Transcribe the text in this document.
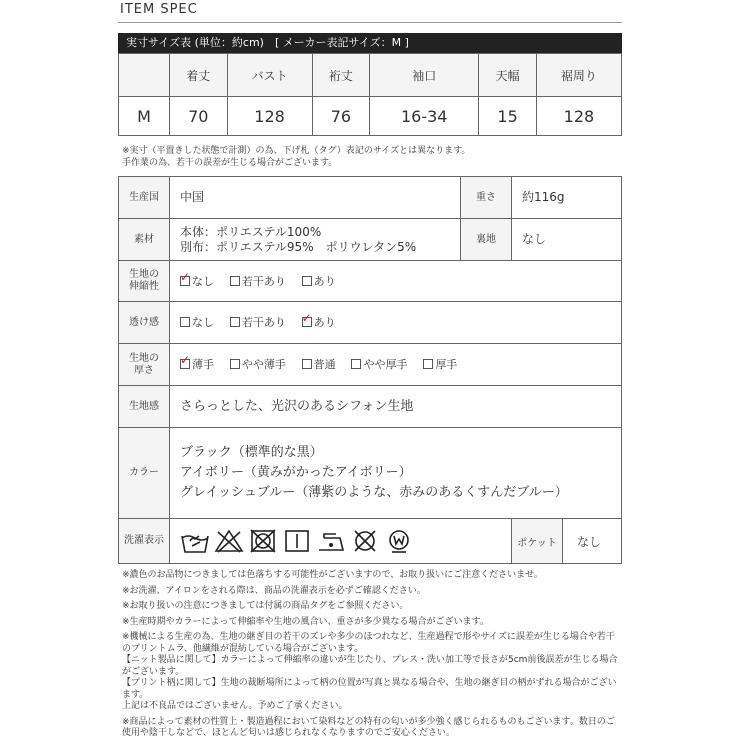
ITEM SPEC
実寸サイズ表 (単位：約cm)　[ メーカー表記サイズ：M ]
	着丈	バスト	裄丈	袖口	天幅	裾周り
M	70	128	76	16-34	15	128
※実寸（平置きした状態で計測）の為、下げ札（タグ）表記のサイズとは異なります。
手作業の為、若干の誤差が生じる場合がございます。
生産国	中国	重さ	約116g
素材	本体：ポリエステル100%
別布：ポリエステル95%　ポリウレタン5%	裏地	なし

生地の
伸縮性
	✓なし 若干あり あり
透け感	なし 若干あり ✓ あり

生地の
厚さ
	✓薄手 やや薄手 普通 やや厚手 厚手
生地感	さらっとした、光沢のあるシフォン生地		
カラー	ブラック（標準的な黒）
アイボリー（黄みがかったアイボリー）
グレイッシュブルー（薄紫のような、赤みのあるくすんだブルー）		

洗濯表示			ポケット なし

※濃色のお品物につきましては色落ちする可能性がございますので、お取り扱いにご注意くださいませ。

※お洗濯、アイロンをされる際は、商品の洗濯表示を必ずご確認ください。

※お取り扱いの注意につきましては付属の商品タグをご参照ください。

※生産時期やカラーによって伸縮率や生地の風合い、重さが多少異なる場合がございます。

※機械による生産の為、生地の継ぎ目の若干のズレや多少のほつれなど、生産過程で形やサイズに誤差が生じる場合や若干のプリントムラ、他繊維が混紡している場合がございます。

【ニット製品に関して】カラーによって伸縮率の違いが生じたり、プレス・洗い加工等で長さが5cm前後誤差が生じる場合がございます。

【プリント柄に関して】生地の裁断場所によって柄の位置が写真と異なる場合や、生地の継ぎ目の柄がずれる場合がございます。

上記は不良品ではございません。予めご了承ください。

※商品によって素材の性質上・製造過程において染料などの特有の匂いが多少強く感じられるものもございます。数日のご使用や陰干しなどで、ほとんど匂いは感じられなくなりますのでご安心ください。
